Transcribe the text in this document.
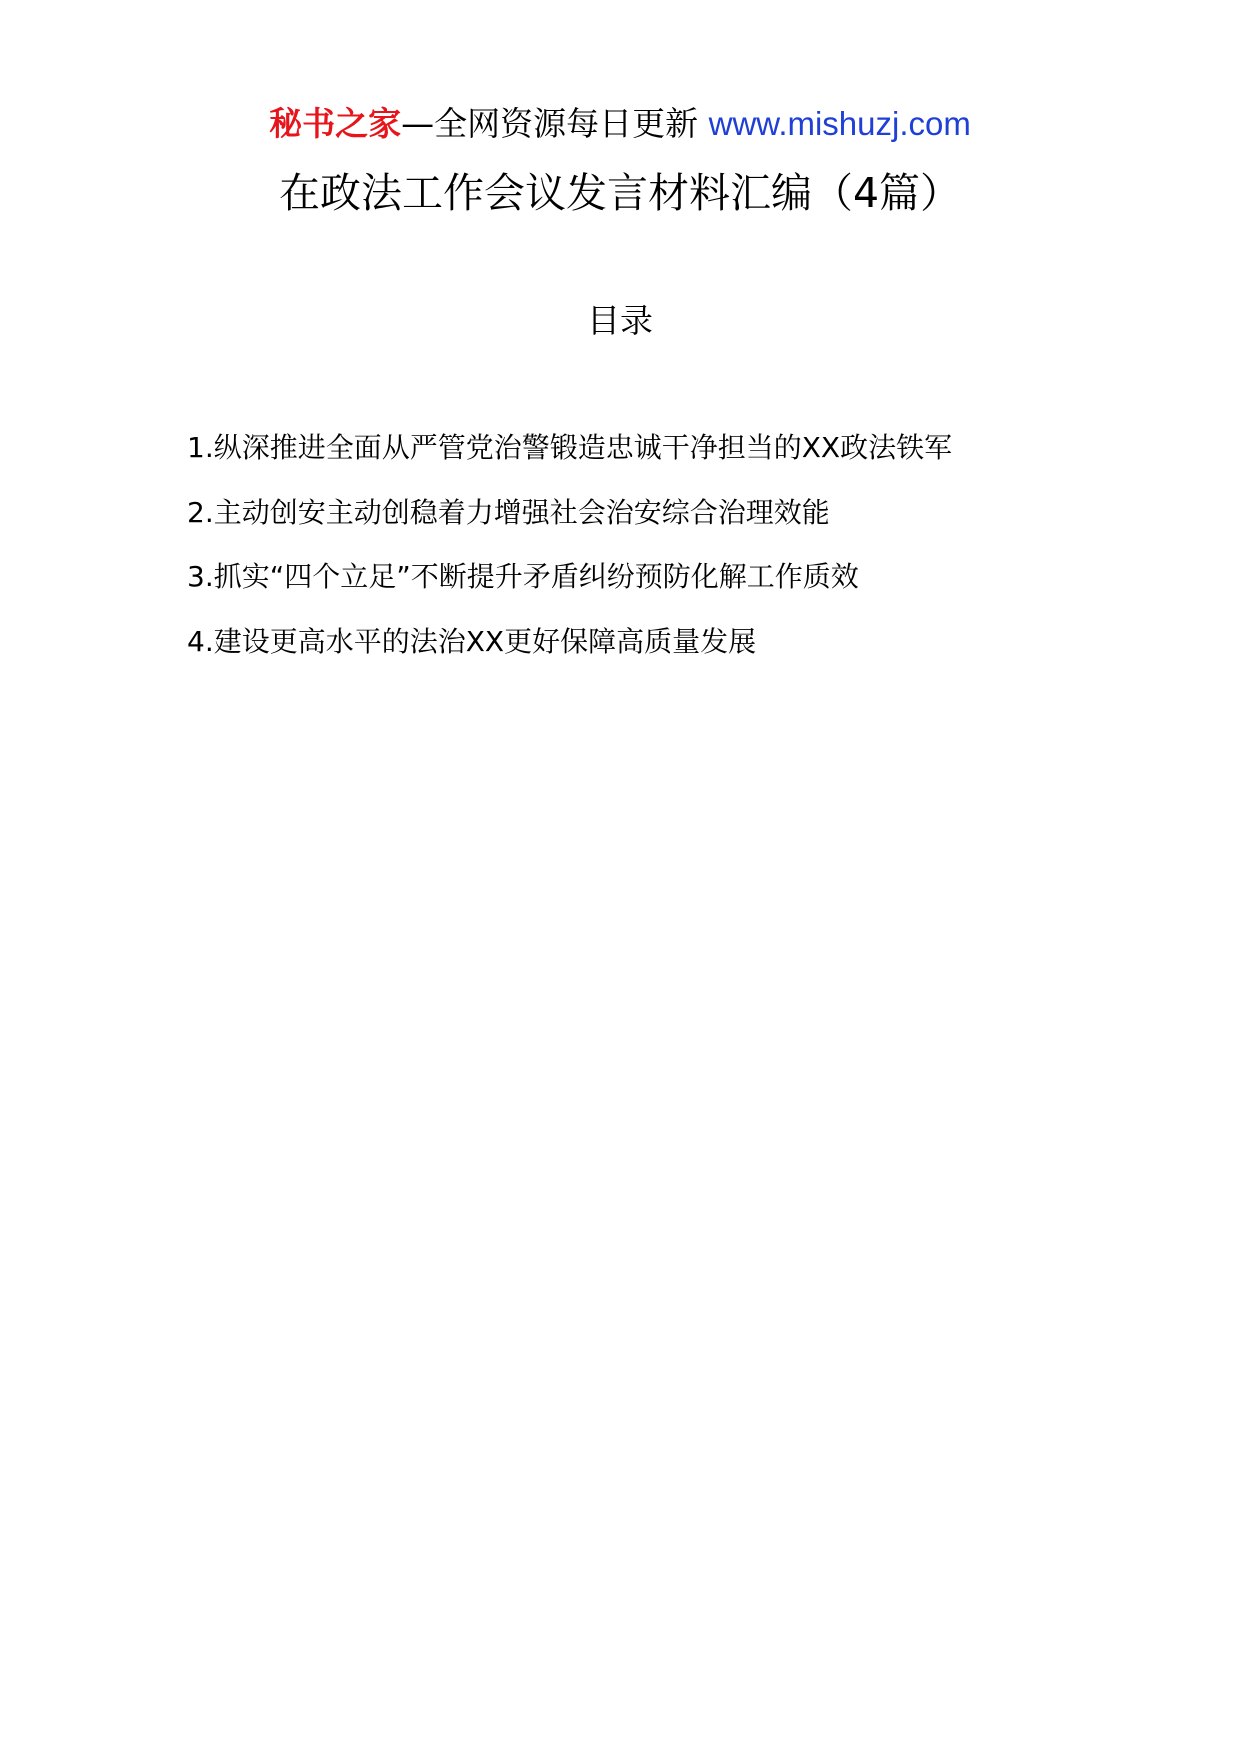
秘书之家—全网资源每日更新 www.mishuzj.com
在政法工作会议发言材料汇编（4篇）
目录
1.纵深推进全面从严管党治警锻造忠诚干净担当的XX政法铁军
2.主动创安主动创稳着力增强社会治安综合治理效能
3.抓实“四个立足”不断提升矛盾纠纷预防化解工作质效
4.建设更高水平的法治XX更好保障高质量发展
